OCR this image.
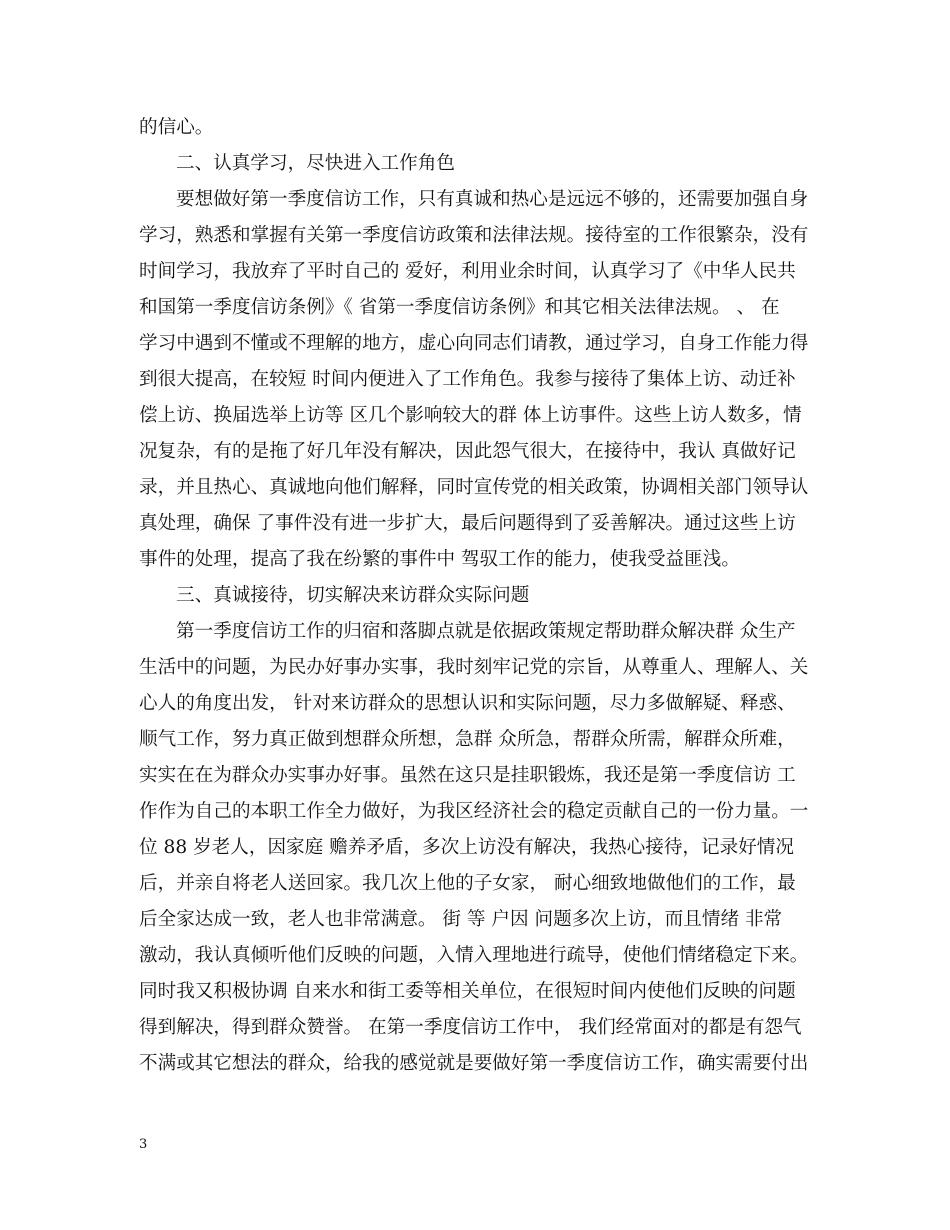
的信心。
二、认真学习，尽快进入工作角色
要想做好第一季度信访工作，只有真诚和热心是远远不够的，还需要加强自身
学习，熟悉和掌握有关第一季度信访政策和法律法规。接待室的工作很繁杂，没有
时间学习，我放弃了平时自己的 爱好，利用业余时间，认真学习了《中华人民共
和国第一季度信访条例》《 省第一季度信访条例》和其它相关法律法规。 、 在
学习中遇到不懂或不理解的地方，虚心向同志们请教，通过学习，自身工作能力得
到很大提高，在较短 时间内便进入了工作角色。我参与接待了集体上访、动迁补
偿上访、换届选举上访等 区几个影响较大的群 体上访事件。这些上访人数多，情
况复杂，有的是拖了好几年没有解决，因此怨气很大，在接待中，我认 真做好记
录，并且热心、真诚地向他们解释，同时宣传党的相关政策，协调相关部门领导认
真处理，确保 了事件没有进一步扩大，最后问题得到了妥善解决。通过这些上访
事件的处理，提高了我在纷繁的事件中 驾驭工作的能力，使我受益匪浅。
三、真诚接待，切实解决来访群众实际问题
第一季度信访工作的归宿和落脚点就是依据政策规定帮助群众解决群 众生产
生活中的问题，为民办好事办实事，我时刻牢记党的宗旨，从尊重人、理解人、关
心人的角度出发， 针对来访群众的思想认识和实际问题，尽力多做解疑、释惑、
顺气工作，努力真正做到想群众所想，急群 众所急，帮群众所需，解群众所难，
实实在在为群众办实事办好事。虽然在这只是挂职锻炼，我还是第一季度信访 工
作作为自己的本职工作全力做好，为我区经济社会的稳定贡献自己的一份力量。一
位 88 岁老人，因家庭 赡养矛盾，多次上访没有解决，我热心接待，记录好情况
后，并亲自将老人送回家。我几次上他的子女家， 耐心细致地做他们的工作，最
后全家达成一致，老人也非常满意。 街 等 户因 问题多次上访，而且情绪 非常
激动，我认真倾听他们反映的问题，入情入理地进行疏导，使他们情绪稳定下来。
同时我又积极协调 自来水和街工委等相关单位，在很短时间内使他们反映的问题
得到解决，得到群众赞誉。 在第一季度信访工作中， 我们经常面对的都是有怨气
不满或其它想法的群众，给我的感觉就是要做好第一季度信访工作，确实需要付出
3
